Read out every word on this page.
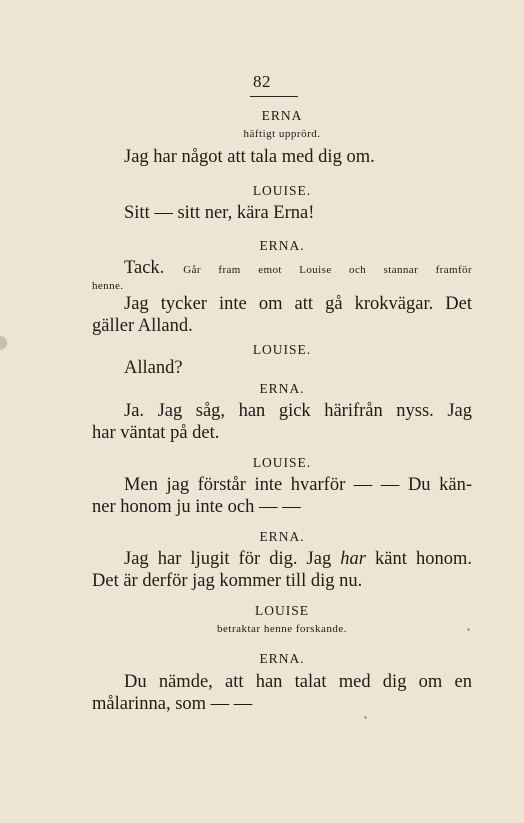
82
ERNA
häftigt upprörd.
Jag har något att tala med dig om.
LOUISE.
Sitt — sitt ner, kära Erna!
ERNA.
Tack. Går fram emot Louise och stannar framför
henne.
Jag tycker inte om att gå krokvägar. Det
gäller Alland.
LOUISE.
Alland?
ERNA.
Ja. Jag såg, han gick härifrån nyss. Jag
har väntat på det.
LOUISE.
Men jag förstår inte hvarför — — Du kän-
ner honom ju inte och — —
ERNA.
Jag har ljugit för dig. Jag har känt honom.
Det är derför jag kommer till dig nu.
LOUISE
betraktar henne forskande.
ERNA.
Du nämde, att han talat med dig om en
målarinna, som — —
